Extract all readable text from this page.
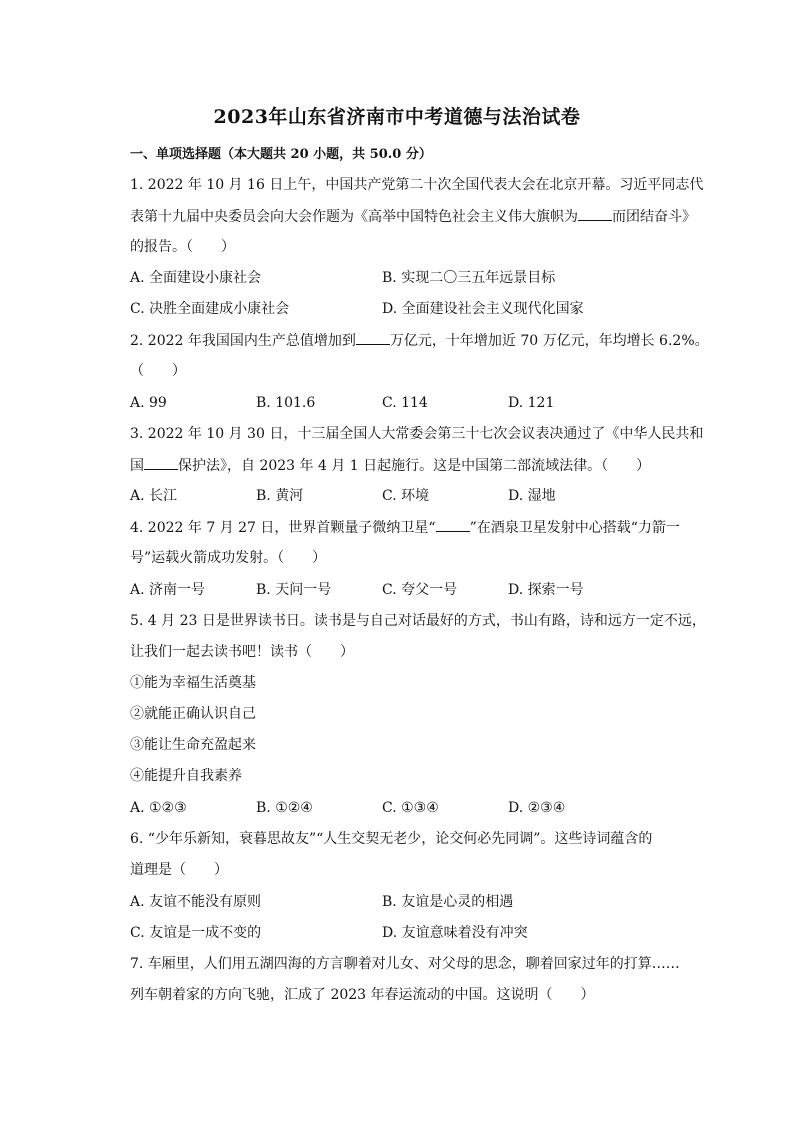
2023年山东省济南市中考道德与法治试卷
一、单项选择题（本大题共 20 小题，共 50.0 分）
1. 2022 年 10 月 16 日上午，中国共产党第二十次全国代表大会在北京开幕。习近平同志代
表第十九届中央委员会向大会作题为《高举中国特色社会主义伟大旗帜为 而团结奋斗》
的报告。（　　）
A. 全面建设小康社会	B. 实现二〇三五年远景目标
C. 决胜全面建成小康社会	D. 全面建设社会主义现代化国家
2. 2022 年我国国内生产总值增加到 万亿元，十年增加近 70 万亿元，年均增长 6.2%。
（　　）
A. 99	B. 101.6	C. 114	D. 121
3. 2022 年 10 月 30 日，十三届全国人大常委会第三十七次会议表决通过了《中华人民共和
国 保护法》，自 2023 年 4 月 1 日起施行。这是中国第二部流域法律。（　　）
A. 长江	B. 黄河	C. 环境	D. 湿地
4. 2022 年 7 月 27 日，世界首颗量子微纳卫星“ ”在酒泉卫星发射中心搭载“力箭一
号”运载火箭成功发射。（　　）
A. 济南一号	B. 天问一号	C. 夸父一号	D. 探索一号
5. 4 月 23 日是世界读书日。读书是与自己对话最好的方式，书山有路，诗和远方一定不远，
让我们一起去读书吧！读书（　　）
①能为幸福生活奠基
②就能正确认识自己
③能让生命充盈起来
④能提升自我素养
A. ①②③	B. ①②④	C. ①③④	D. ②③④
6. “少年乐新知，衰暮思故友”“人生交契无老少，论交何必先同调”。这些诗词蕴含的
道理是（　　）
A. 友谊不能没有原则	B. 友谊是心灵的相遇
C. 友谊是一成不变的	D. 友谊意味着没有冲突
7. 车厢里，人们用五湖四海的方言聊着对儿女、对父母的思念，聊着回家过年的打算……
列车朝着家的方向飞驰，汇成了 2023 年春运流动的中国。这说明（　　）
